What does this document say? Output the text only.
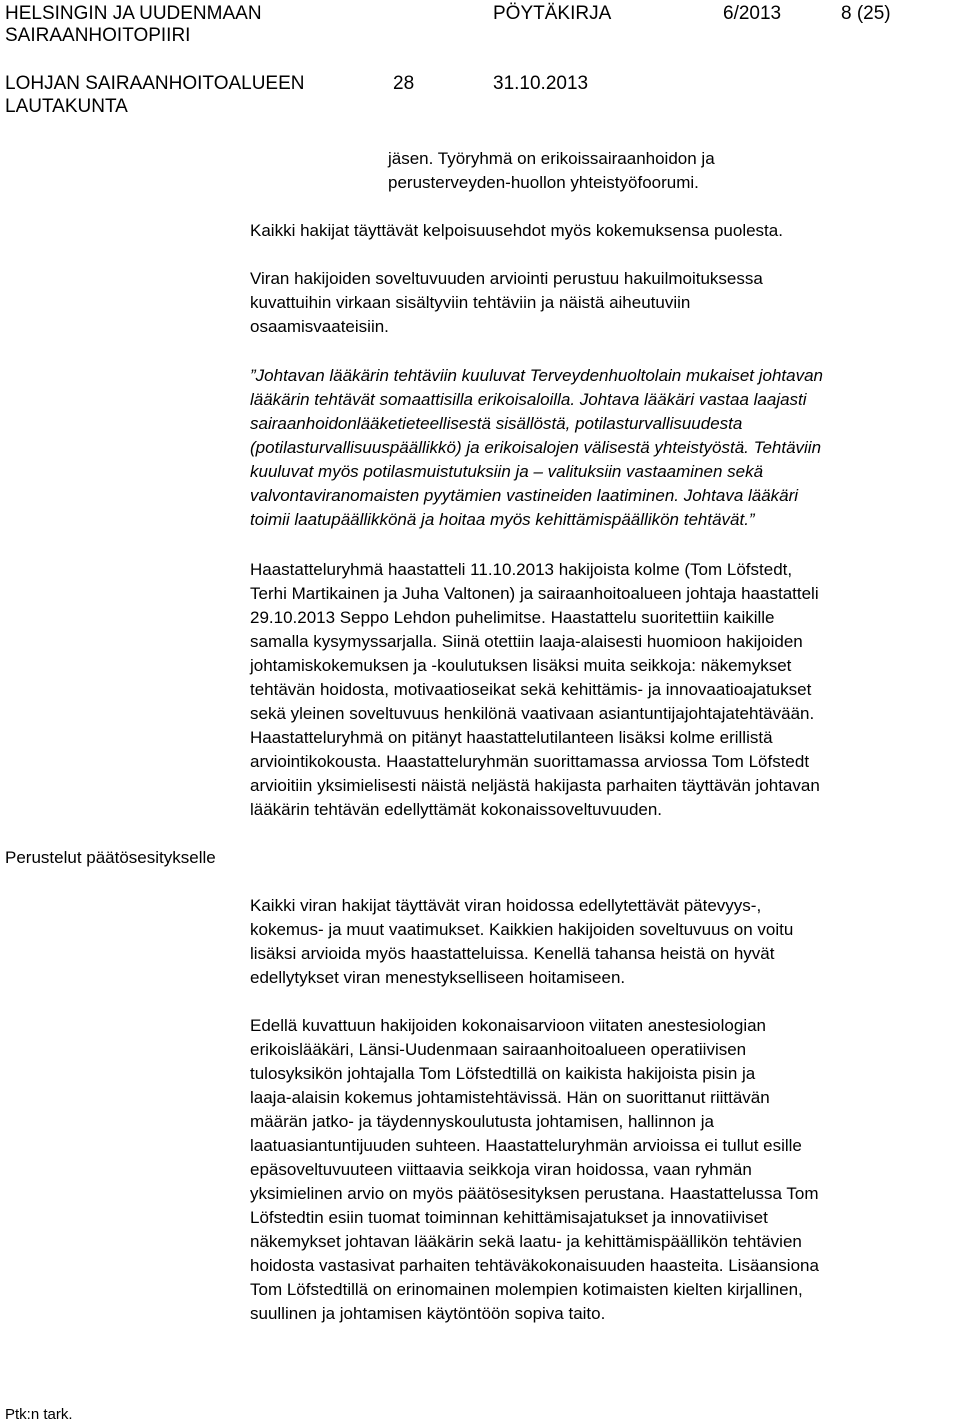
HELSINGIN JA UUDENMAAN
SAIRAANHOITOPIIRI
PÖYTÄKIRJA	6/2013	8 (25)
LOHJAN SAIRAANHOITOALUEEN
LAUTAKUNTA
28	31.10.2013
Perustelut päätösesitykselle
jäsen. Työryhmä on erikoissairaanhoidon ja
perusterveyden-huollon yhteistyöfoorumi.
Kaikki hakijat täyttävät kelpoisuusehdot myös kokemuksensa puolesta.
Viran hakijoiden soveltuvuuden arviointi perustuu hakuilmoituksessa
kuvattuihin virkaan sisältyviin tehtäviin ja näistä aiheutuviin
osaamisvaateisiin.
”Johtavan lääkärin tehtäviin kuuluvat Terveydenhuoltolain mukaiset johtavan
lääkärin tehtävät somaattisilla erikoisaloilla. Johtava lääkäri vastaa laajasti
sairaanhoidonlääketieteellisestä sisällöstä, potilasturvallisuudesta
(potilasturvallisuuspäällikkö) ja erikoisalojen välisestä yhteistyöstä. Tehtäviin
kuuluvat myös potilasmuistutuksiin ja – valituksiin vastaaminen sekä
valvontaviranomaisten pyytämien vastineiden laatiminen. Johtava lääkäri
toimii laatupäällikkönä ja hoitaa myös kehittämispäällikön tehtävät.”
Haastatteluryhmä haastatteli 11.10.2013 hakijoista kolme (Tom Löfstedt,
Terhi Martikainen ja Juha Valtonen) ja sairaanhoitoalueen johtaja haastatteli
29.10.2013 Seppo Lehdon puhelimitse. Haastattelu suoritettiin kaikille
samalla kysymyssarjalla. Siinä otettiin laaja-alaisesti huomioon hakijoiden
johtamiskokemuksen ja -koulutuksen lisäksi muita seikkoja: näkemykset
tehtävän hoidosta, motivaatioseikat sekä kehittämis- ja innovaatioajatukset
sekä yleinen soveltuvuus henkilönä vaativaan asiantuntijajohtajatehtävään.
Haastatteluryhmä on pitänyt haastattelutilanteen lisäksi kolme erillistä
arviointikokousta. Haastatteluryhmän suorittamassa arviossa Tom Löfstedt
arvioitiin yksimielisesti näistä neljästä hakijasta parhaiten täyttävän johtavan
lääkärin tehtävän edellyttämät kokonaissoveltuvuuden.
Kaikki viran hakijat täyttävät viran hoidossa edellytettävät pätevyys-,
kokemus- ja muut vaatimukset. Kaikkien hakijoiden soveltuvuus on voitu
lisäksi arvioida myös haastatteluissa. Kenellä tahansa heistä on hyvät
edellytykset viran menestykselliseen hoitamiseen.
Edellä kuvattuun hakijoiden kokonaisarvioon viitaten anestesiologian
erikoislääkäri, Länsi-Uudenmaan sairaanhoitoalueen operatiivisen
tulosyksikön johtajalla Tom Löfstedtillä on kaikista hakijoista pisin ja
laaja-alaisin kokemus johtamistehtävissä. Hän on suorittanut riittävän
määrän jatko- ja täydennyskoulutusta johtamisen, hallinnon ja
laatuasiantuntijuuden suhteen. Haastatteluryhmän arvioissa ei tullut esille
epäsoveltuvuuteen viittaavia seikkoja viran hoidossa, vaan ryhmän
yksimielinen arvio on myös päätösesityksen perustana. Haastattelussa Tom
Löfstedtin esiin tuomat toiminnan kehittämisajatukset ja innovatiiviset
näkemykset johtavan lääkärin sekä laatu- ja kehittämispäällikön tehtävien
hoidosta vastasivat parhaiten tehtäväkokonaisuuden haasteita. Lisäansiona
Tom Löfstedtillä on erinomainen molempien kotimaisten kielten kirjallinen,
suullinen ja johtamisen käytöntöön sopiva taito.
Ptk:n tark.
